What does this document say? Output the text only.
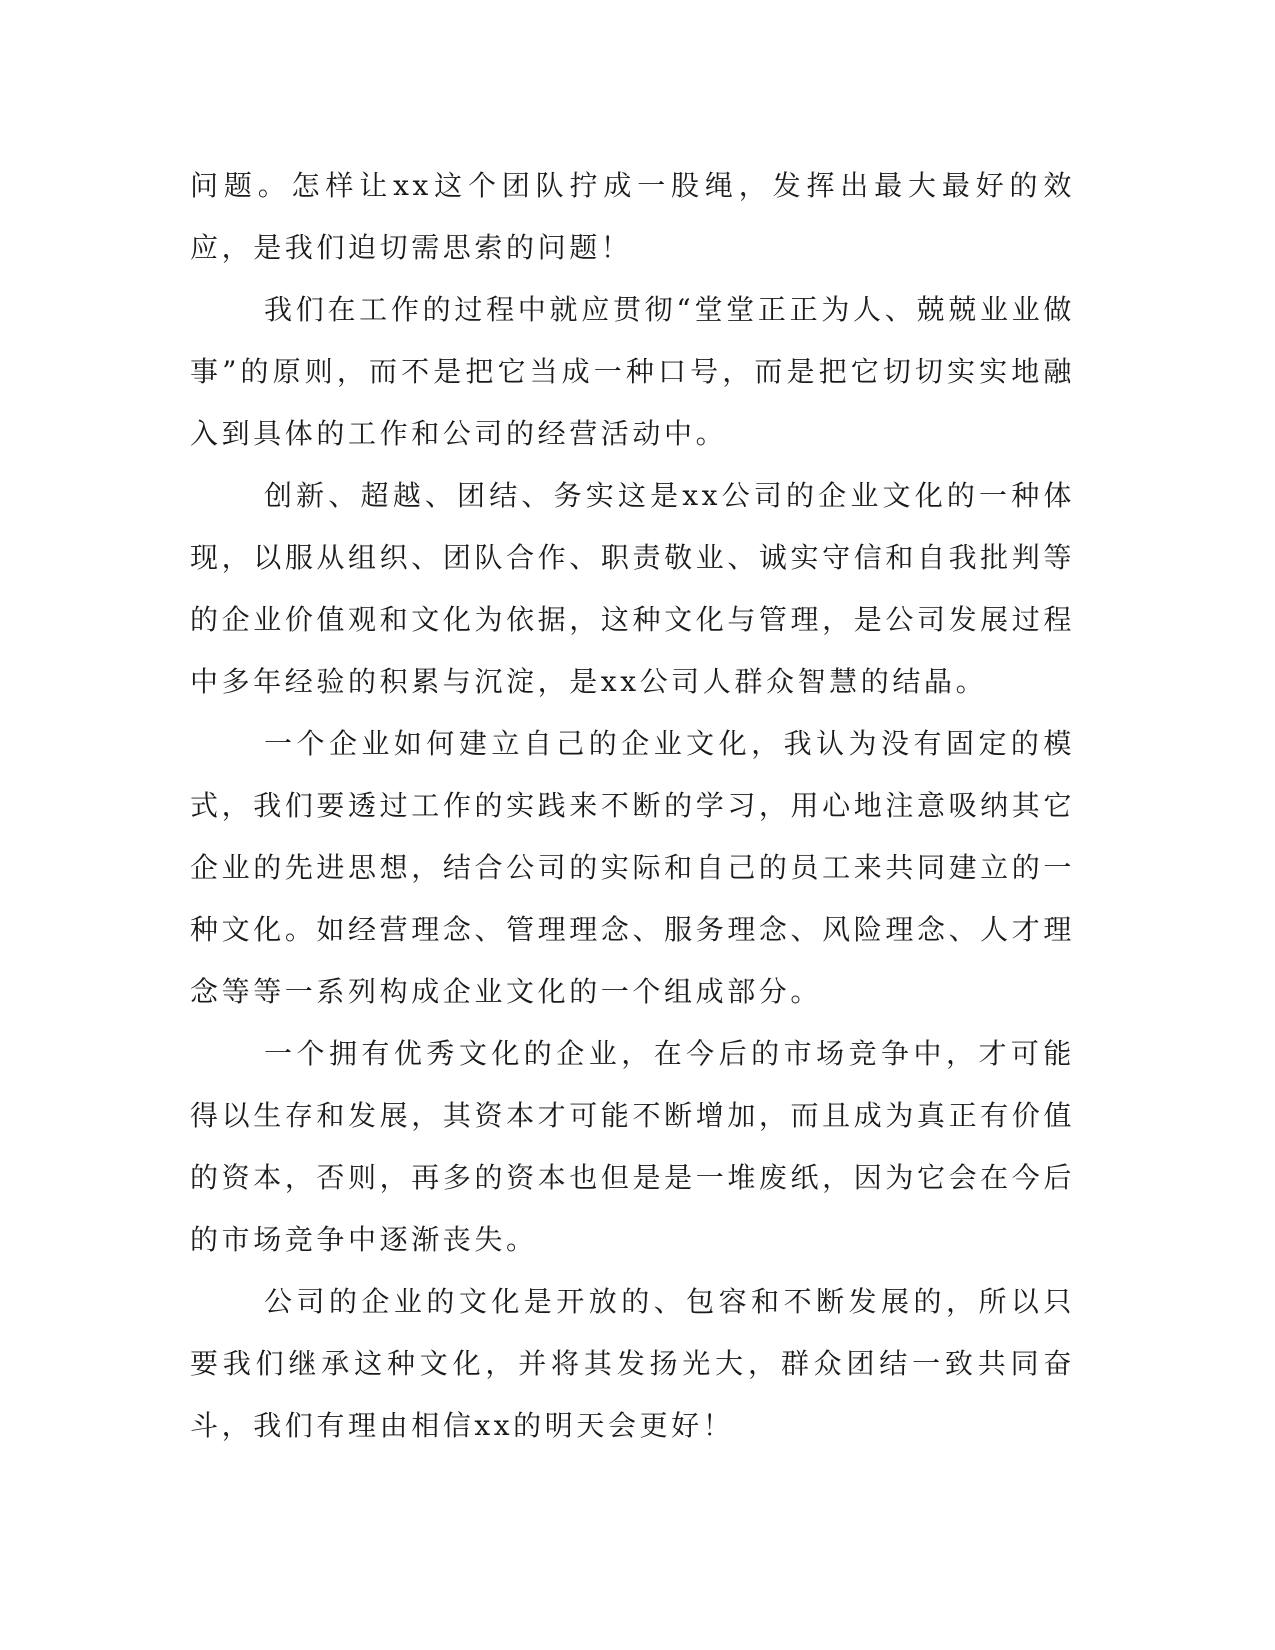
问题。怎样让xx这个团队拧成一股绳，发挥出最大最好的效应，是我们迫切需思索的问题！

我们在工作的过程中就应贯彻“堂堂正正为人、兢兢业业做事”的原则，而不是把它当成一种口号，而是把它切切实实地融入到具体的工作和公司的经营活动中。

创新、超越、团结、务实这是xx公司的企业文化的一种体现，以服从组织、团队合作、职责敬业、诚实守信和自我批判等的企业价值观和文化为依据，这种文化与管理，是公司发展过程中多年经验的积累与沉淀，是xx公司人群众智慧的结晶。

一个企业如何建立自己的企业文化，我认为没有固定的模式，我们要透过工作的实践来不断的学习，用心地注意吸纳其它企业的先进思想，结合公司的实际和自己的员工来共同建立的一种文化。如经营理念、管理理念、服务理念、风险理念、人才理念等等一系列构成企业文化的一个组成部分。

一个拥有优秀文化的企业，在今后的市场竞争中，才可能得以生存和发展，其资本才可能不断增加，而且成为真正有价值的资本，否则，再多的资本也但是是一堆废纸，因为它会在今后的市场竞争中逐渐丧失。

公司的企业的文化是开放的、包容和不断发展的，所以只要我们继承这种文化，并将其发扬光大，群众团结一致共同奋斗，我们有理由相信xx的明天会更好！
